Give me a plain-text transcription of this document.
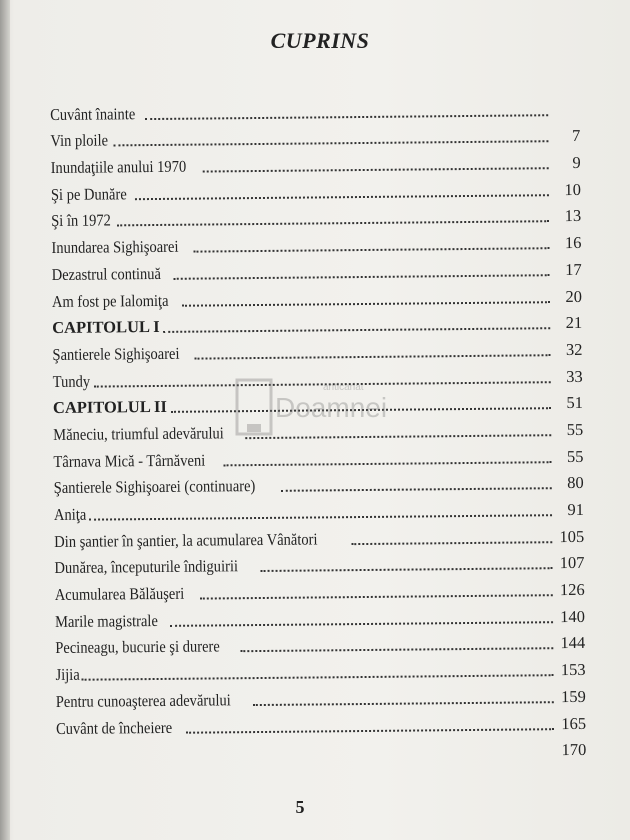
CUPRINS
Cuvânt înainte
Vin ploile	7
Inundaţiile anului 1970	9
Şi pe Dunăre	10
Şi în 1972	13
Inundarea Sighişoarei	16
Dezastrul continuă	17
Am fost pe Ialomiţa	20
CAPITOLUL I	21
Şantierele Sighişoarei	32
Tundy	33
CAPITOLUL II	51
Măneciu, triumful adevărului	55
Târnava Mică - Târnăveni	55
Şantierele Sighişoarei (continuare)	80
Aniţa	91
Din şantier în şantier, la acumularea Vânători	105
Dunărea, începuturile îndiguirii	107
Acumularea Bălăuşeri	126
Marile magistrale	140
Pecineagu, bucurie şi durere	144
Jijia	153
Pentru cunoaşterea adevărului	159
Cuvânt de încheiere	165
170
anticariat
Doamnei
5
